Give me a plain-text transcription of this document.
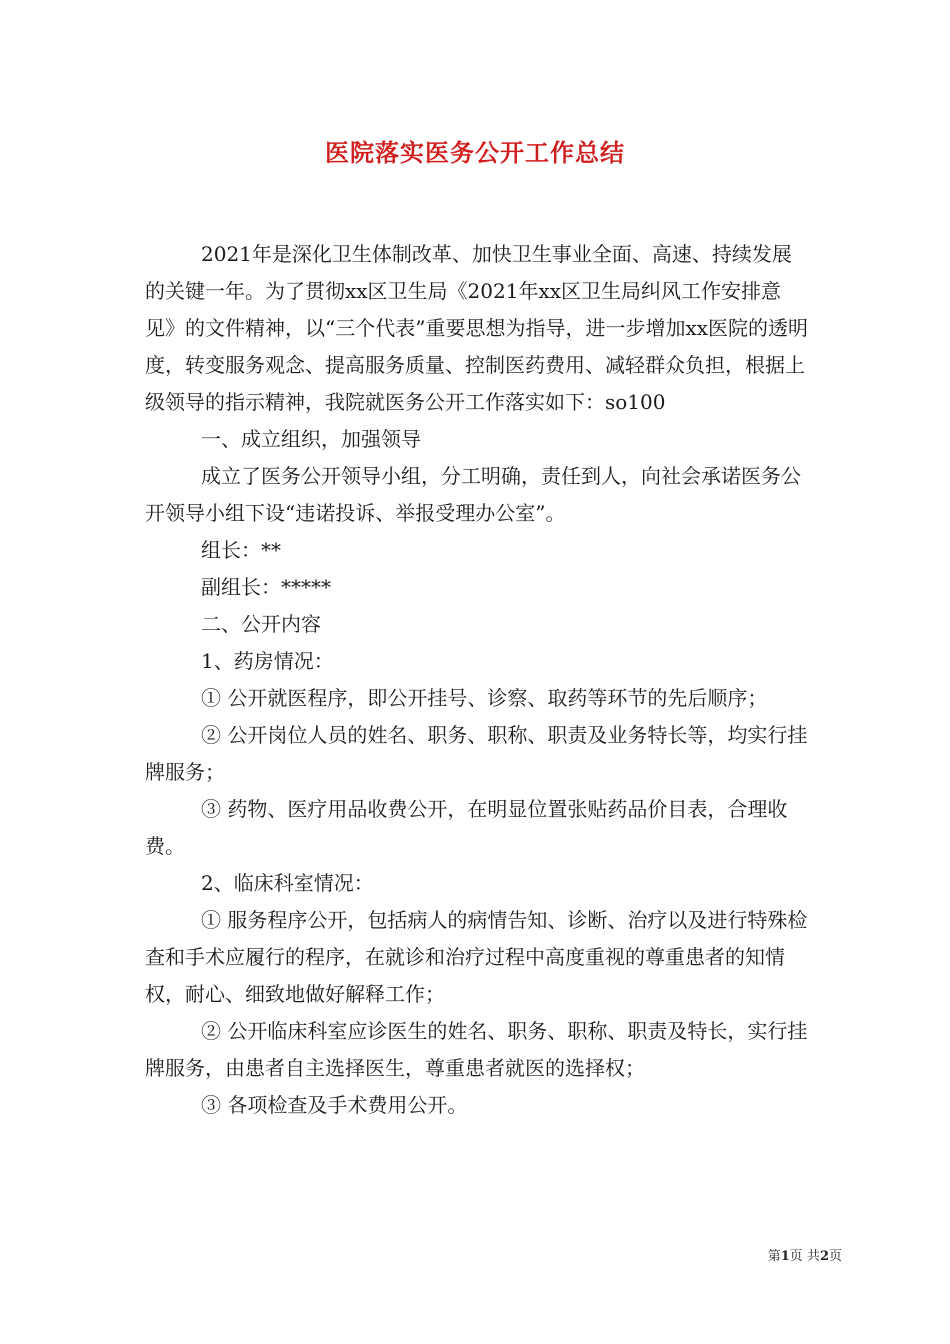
医院落实医务公开工作总结

2021年是深化卫生体制改革、加快卫生事业全面、高速、持续发展的关键一年。为了贯彻xx区卫生局《2021年xx区卫生局纠风工作安排意见》的文件精神，以“三个代表”重要思想为指导，进一步增加xx医院的透明度，转变服务观念、提高服务质量、控制医药费用、减轻群众负担，根据上级领导的指示精神，我院就医务公开工作落实如下：so100

一、成立组织，加强领导

成立了医务公开领导小组，分工明确，责任到人，向社会承诺医务公开领导小组下设“违诺投诉、举报受理办公室”。

组长：**

副组长：*****

二、公开内容

1、药房情况：

① 公开就医程序，即公开挂号、诊察、取药等环节的先后顺序；

② 公开岗位人员的姓名、职务、职称、职责及业务特长等，均实行挂牌服务；

③ 药物、医疗用品收费公开，在明显位置张贴药品价目表，合理收费。

2、临床科室情况：

① 服务程序公开，包括病人的病情告知、诊断、治疗以及进行特殊检查和手术应履行的程序，在就诊和治疗过程中高度重视的尊重患者的知情权，耐心、细致地做好解释工作；

② 公开临床科室应诊医生的姓名、职务、职称、职责及特长，实行挂牌服务，由患者自主选择医生，尊重患者就医的选择权；

③ 各项检查及手术费用公开。

第1页 共2页
